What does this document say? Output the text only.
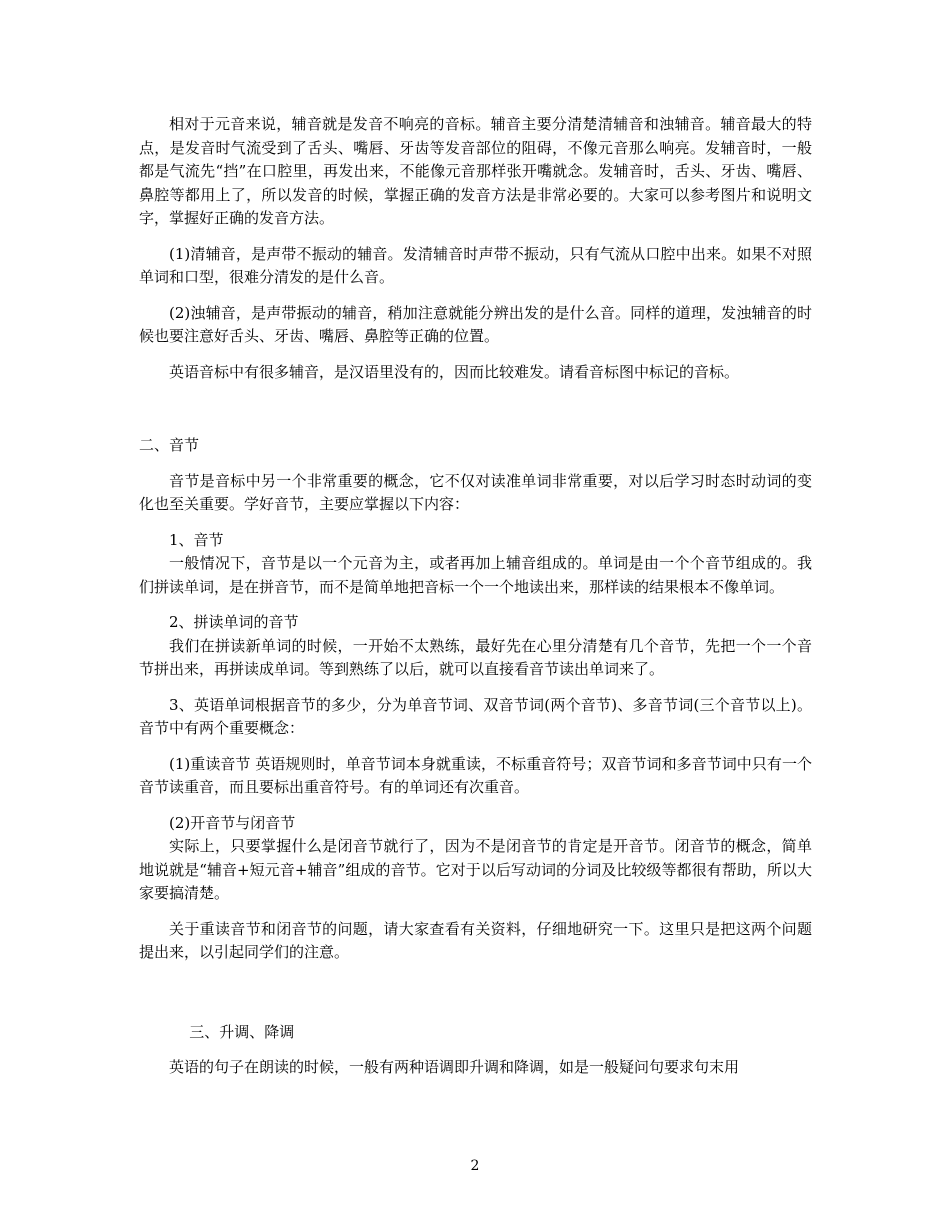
相对于元音来说，辅音就是发音不响亮的音标。辅音主要分清楚清辅音和浊辅音。辅音最大的特点，是发音时气流受到了舌头、嘴唇、牙齿等发音部位的阻碍，不像元音那么响亮。发辅音时，一般都是气流先“挡”在口腔里，再发出来，不能像元音那样张开嘴就念。发辅音时，舌头、牙齿、嘴唇、鼻腔等都用上了，所以发音的时候，掌握正确的发音方法是非常必要的。大家可以参考图片和说明文字，掌握好正确的发音方法。

(1)清辅音，是声带不振动的辅音。发清辅音时声带不振动，只有气流从口腔中出来。如果不对照单词和口型，很难分清发的是什么音。

(2)浊辅音，是声带振动的辅音，稍加注意就能分辨出发的是什么音。同样的道理，发浊辅音的时候也要注意好舌头、牙齿、嘴唇、鼻腔等正确的位置。

英语音标中有很多辅音，是汉语里没有的，因而比较难发。请看音标图中标记的音标。

二、音节

音节是音标中另一个非常重要的概念，它不仅对读准单词非常重要，对以后学习时态时动词的变化也至关重要。学好音节，主要应掌握以下内容：

1、音节

一般情况下，音节是以一个元音为主，或者再加上辅音组成的。单词是由一个个音节组成的。我们拼读单词，是在拼音节，而不是简单地把音标一个一个地读出来，那样读的结果根本不像单词。

2、拼读单词的音节

我们在拼读新单词的时候，一开始不太熟练，最好先在心里分清楚有几个音节，先把一个一个音节拼出来，再拼读成单词。等到熟练了以后，就可以直接看音节读出单词来了。

3、英语单词根据音节的多少，分为单音节词、双音节词(两个音节)、多音节词(三个音节以上)。音节中有两个重要概念：

(1)重读音节 英语规则时，单音节词本身就重读，不标重音符号；双音节词和多音节词中只有一个音节读重音，而且要标出重音符号。有的单词还有次重音。

(2)开音节与闭音节

实际上，只要掌握什么是闭音节就行了，因为不是闭音节的肯定是开音节。闭音节的概念，简单地说就是“辅音+短元音+辅音”组成的音节。它对于以后写动词的分词及比较级等都很有帮助，所以大家要搞清楚。

关于重读音节和闭音节的问题，请大家查看有关资料，仔细地研究一下。这里只是把这两个问题提出来，以引起同学们的注意。

三、升调、降调

英语的句子在朗读的时候，一般有两种语调即升调和降调，如是一般疑问句要求句末用

2
